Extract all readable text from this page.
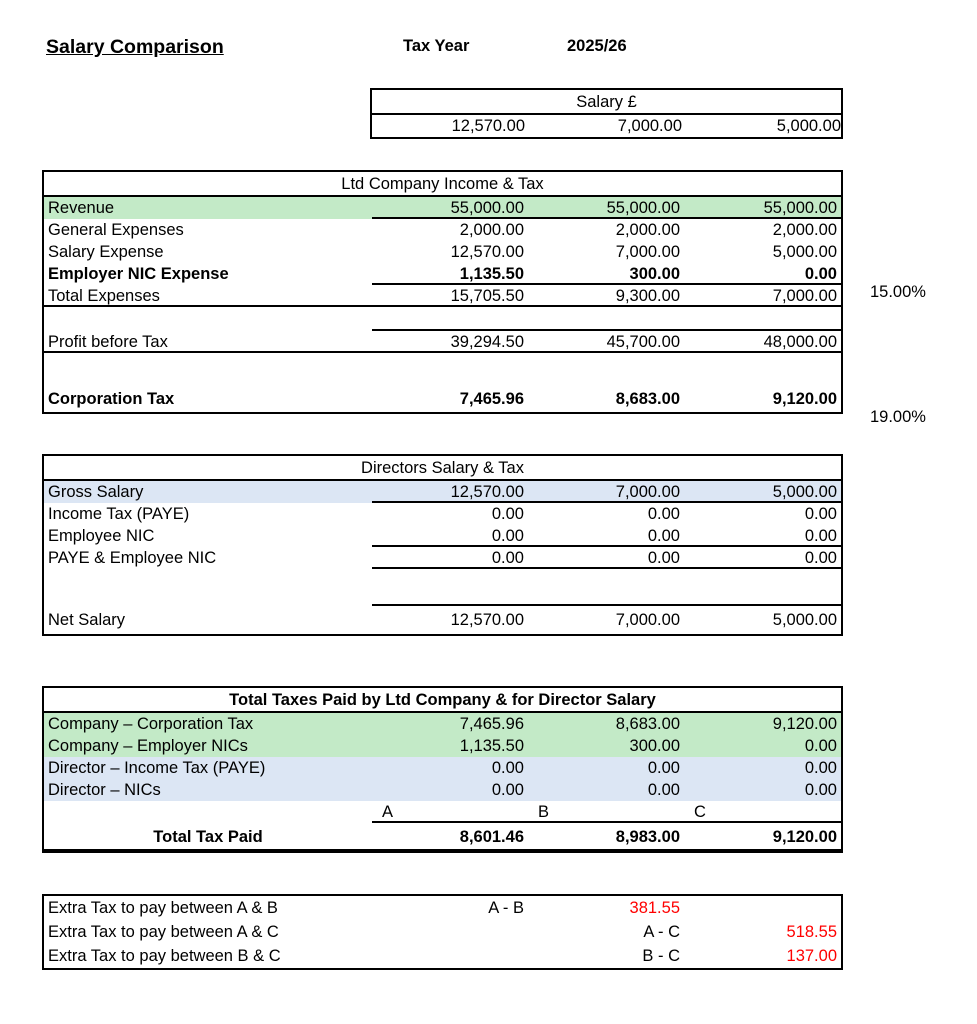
Salary Comparison	Tax Year	2025/26
Salary £
12,570.00	7,000.00	5,000.00
Ltd Company Income & Tax
Revenue	55,000.00	55,000.00	55,000.00
General Expenses	2,000.00	2,000.00	2,000.00
Salary Expense	12,570.00	7,000.00	5,000.00
Employer NIC Expense	1,135.50	300.00	0.00
Total Expenses	15,705.50	9,300.00	7,000.00
Profit before Tax	39,294.50	45,700.00	48,000.00
Corporation Tax	7,465.96	8,683.00	9,120.00
15.00%
19.00%
Directors Salary & Tax
Gross Salary	12,570.00	7,000.00	5,000.00
Income Tax (PAYE)	0.00	0.00	0.00
Employee NIC	0.00	0.00	0.00
PAYE & Employee NIC	0.00	0.00	0.00
Net Salary	12,570.00	7,000.00	5,000.00
Total Taxes Paid by Ltd Company & for Director Salary
Company – Corporation Tax	7,465.96	8,683.00	9,120.00
Company – Employer NICs	1,135.50	300.00	0.00
Director – Income Tax (PAYE)	0.00	0.00	0.00
Director – NICs	0.00	0.00	0.00
A	B	C
Total Tax Paid	8,601.46	8,983.00	9,120.00
Extra Tax to pay between A & B	A - B	381.55
Extra Tax to pay between A & C	A - C	518.55
Extra Tax to pay between B & C	B - C	137.00
